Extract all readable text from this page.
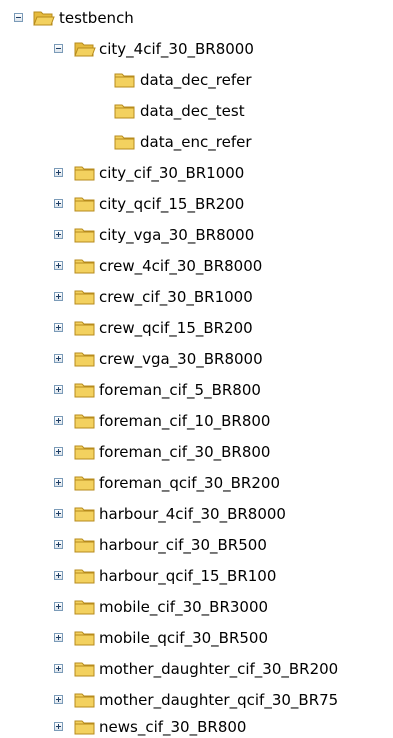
testbench
city_4cif_30_BR8000
data_dec_refer
data_dec_test
data_enc_refer
city_cif_30_BR1000
city_qcif_15_BR200
city_vga_30_BR8000
crew_4cif_30_BR8000
crew_cif_30_BR1000
crew_qcif_15_BR200
crew_vga_30_BR8000
foreman_cif_5_BR800
foreman_cif_10_BR800
foreman_cif_30_BR800
foreman_qcif_30_BR200
harbour_4cif_30_BR8000
harbour_cif_30_BR500
harbour_qcif_15_BR100
mobile_cif_30_BR3000
mobile_qcif_30_BR500
mother_daughter_cif_30_BR200
mother_daughter_qcif_30_BR75
news_cif_30_BR800
